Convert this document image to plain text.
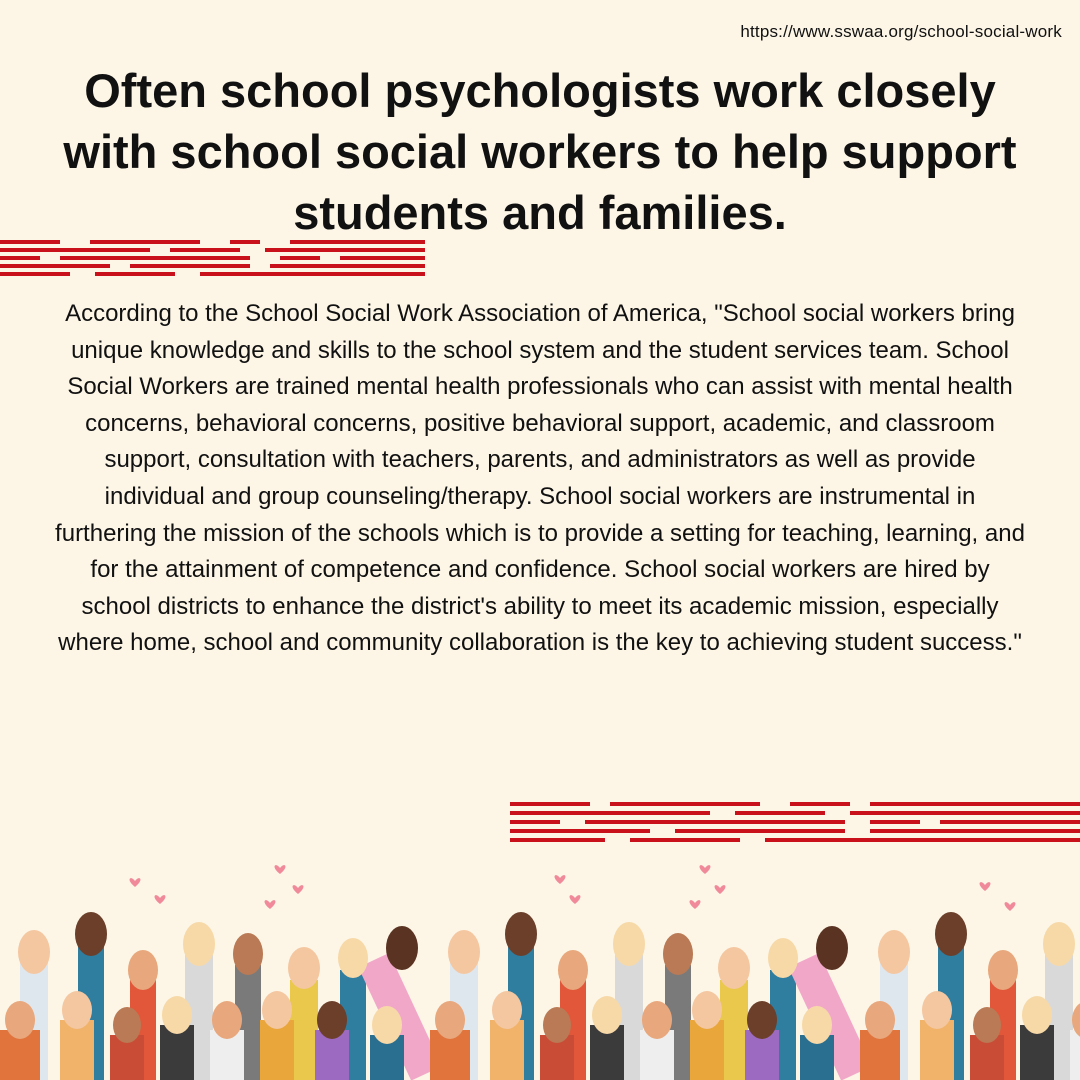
https://www.sswaa.org/school-social-work
Often school psychologists work closely with school social workers to help support students and families.

According to the School Social Work Association of America, "School social workers bring unique knowledge and skills to the school system and the student services team. School Social Workers are trained mental health professionals who can assist with mental health concerns, behavioral concerns, positive behavioral support, academic, and classroom support, consultation with teachers, parents, and administrators as well as provide individual and group counseling/therapy. School social workers are instrumental in furthering the mission of the schools which is to provide a setting for teaching, learning, and for the attainment of competence and confidence. School social workers are hired by school districts to enhance the district's ability to meet its academic mission, especially where home, school and community collaboration is the key to achieving student success."
